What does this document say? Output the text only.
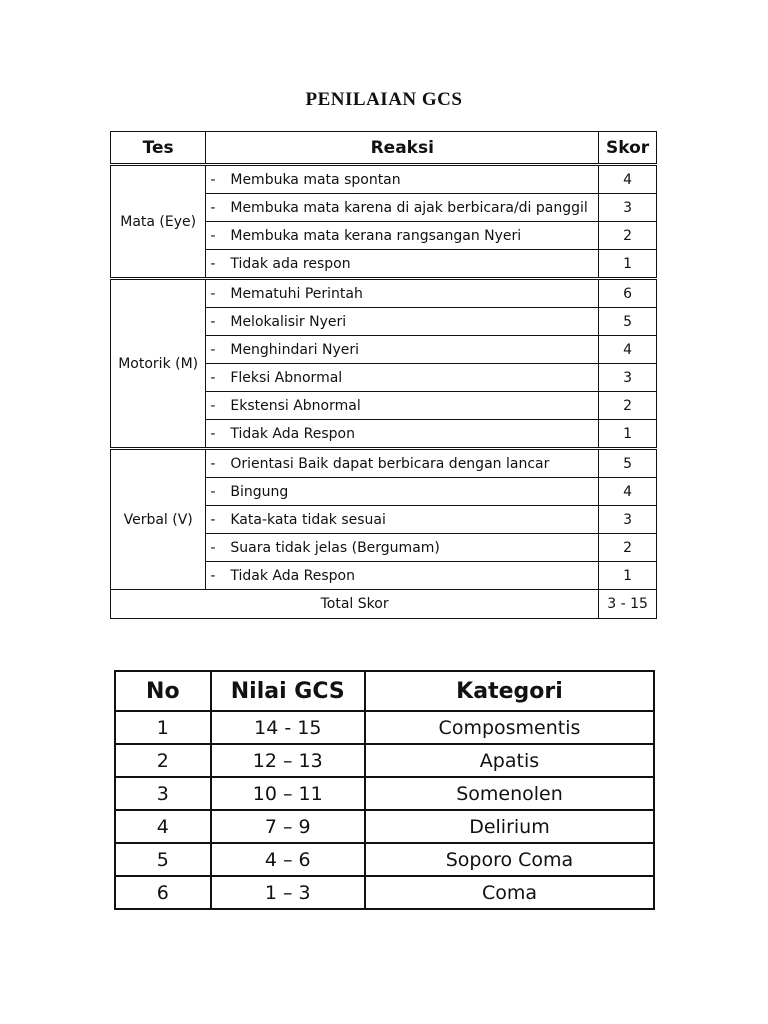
PENILAIAN GCS
Tes	Reaksi	Skor
Mata (Eye)	- Membuka mata spontan	4
	- Membuka mata karena di ajak berbicara/di panggil	3
	- Membuka mata kerana rangsangan Nyeri	2
	- Tidak ada respon	1
Motorik (M)	- Mematuhi Perintah	6
	- Melokalisir Nyeri	5
	- Menghindari Nyeri	4
	- Fleksi Abnormal	3
	- Ekstensi Abnormal	2
	- Tidak Ada Respon	1
Verbal (V)	- Orientasi Baik dapat berbicara dengan lancar	5
	- Bingung	4
	- Kata-kata tidak sesuai	3
	- Suara tidak jelas (Bergumam)	2
	- Tidak Ada Respon	1
Total Skor		3 - 15
No	Nilai GCS	Kategori
1	14 - 15	Composmentis
2	12 – 13	Apatis
3	10 – 11	Somenolen
4	7 – 9	Delirium
5	4 – 6	Soporo Coma
6	1 – 3	Coma
